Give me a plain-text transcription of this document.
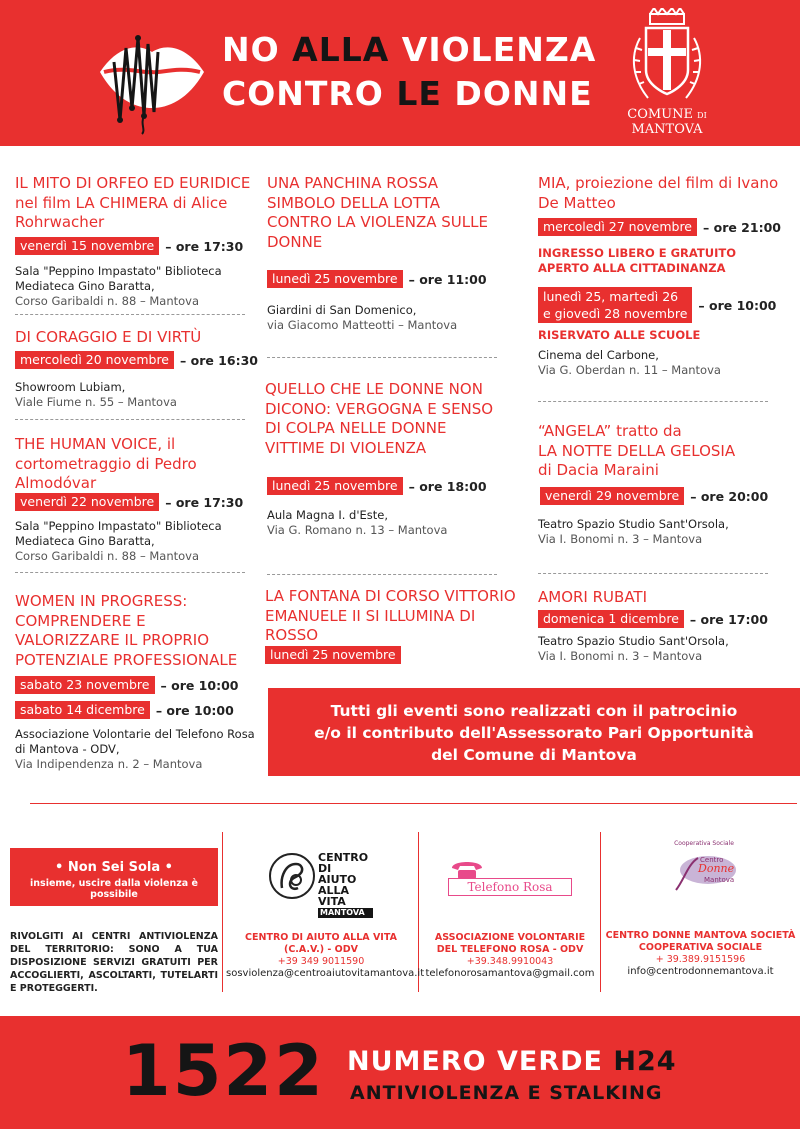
NO ALLA VIOLENZA
CONTRO LE DONNE
COMUNE DI
MANTOVA
IL MITO DI ORFEO ED EURIDICE
nel film LA CHIMERA di Alice
Rohrwacher
venerdì 15 novembre – ore 17:30
Sala "Peppino Impastato" Biblioteca
Mediateca Gino Baratta,
Corso Garibaldi n. 88 – Mantova
DI CORAGGIO E DI VIRTÙ
mercoledì 20 novembre – ore 16:30
Showroom Lubiam,
Viale Fiume n. 55 – Mantova
THE HUMAN VOICE, il
cortometraggio di Pedro
Almodóvar
venerdì 22 novembre – ore 17:30
Sala "Peppino Impastato" Biblioteca
Mediateca Gino Baratta,
Corso Garibaldi n. 88 – Mantova
WOMEN IN PROGRESS:
COMPRENDERE E
VALORIZZARE IL PROPRIO
POTENZIALE PROFESSIONALE
sabato 23 novembre – ore 10:00
sabato 14 dicembre – ore 10:00
Associazione Volontarie del Telefono Rosa
di Mantova - ODV,
Via Indipendenza n. 2 – Mantova
UNA PANCHINA ROSSA
SIMBOLO DELLA LOTTA
CONTRO LA VIOLENZA SULLE
DONNE
lunedì 25 novembre – ore 11:00
Giardini di San Domenico,
via Giacomo Matteotti – Mantova
QUELLO CHE LE DONNE NON
DICONO: VERGOGNA E SENSO
DI COLPA NELLE DONNE
VITTIME DI VIOLENZA
lunedì 25 novembre – ore 18:00
Aula Magna I. d'Este,
Via G. Romano n. 13 – Mantova
LA FONTANA DI CORSO VITTORIO
EMANUELE II SI ILLUMINA DI
ROSSO
lunedì 25 novembre
MIA, proiezione del film di Ivano
De Matteo
mercoledì 27 novembre – ore 21:00
INGRESSO LIBERO E GRATUITO
APERTO ALLA CITTADINANZA
lunedì 25, martedì 26
e giovedì 28 novembre
– ore 10:00
RISERVATO ALLE SCUOLE
Cinema del Carbone,
Via G. Oberdan n. 11 – Mantova
“ANGELA” tratto da
LA NOTTE DELLA GELOSIA
di Dacia Maraini
venerdì 29 novembre – ore 20:00
Teatro Spazio Studio Sant'Orsola,
Via I. Bonomi n. 3 – Mantova
AMORI RUBATI
domenica 1 dicembre – ore 17:00
Teatro Spazio Studio Sant'Orsola,
Via I. Bonomi n. 3 – Mantova
Tutti gli eventi sono realizzati con il patrocinio
e/o il contributo dell'Assessorato Pari Opportunità
del Comune di Mantova
• Non Sei Sola •
insieme, uscire dalla violenza è possibile
RIVOLGITI AI CENTRI ANTIVIOLENZA DEL TERRITORIO: SONO A TUA DISPOSIZIONE SERVIZI GRATUITI PER ACCOGLIERTI, ASCOLTARTI, TUTELARTI E PROTEGGERTI.
CENTRO
DI AIUTO
ALLA VITA
MANTOVA
CENTRO DI AIUTO ALLA VITA
(C.A.V.) - ODV
+39 349 9011590
sosviolenza@centroaiutovitamantova.it
Telefono Rosa
ASSOCIAZIONE VOLONTARIE
DEL TELEFONO ROSA - ODV
+39.348.9910043
telefonorosamantova@gmail.com
Cooperativa Sociale
Centro
Donne
Mantova
CENTRO DONNE MANTOVA SOCIETÀ
COOPERATIVA SOCIALE
+ 39.389.9151596
info@centrodonnemantova.it
1522 NUMERO VERDE H24
ANTIVIOLENZA E STALKING
